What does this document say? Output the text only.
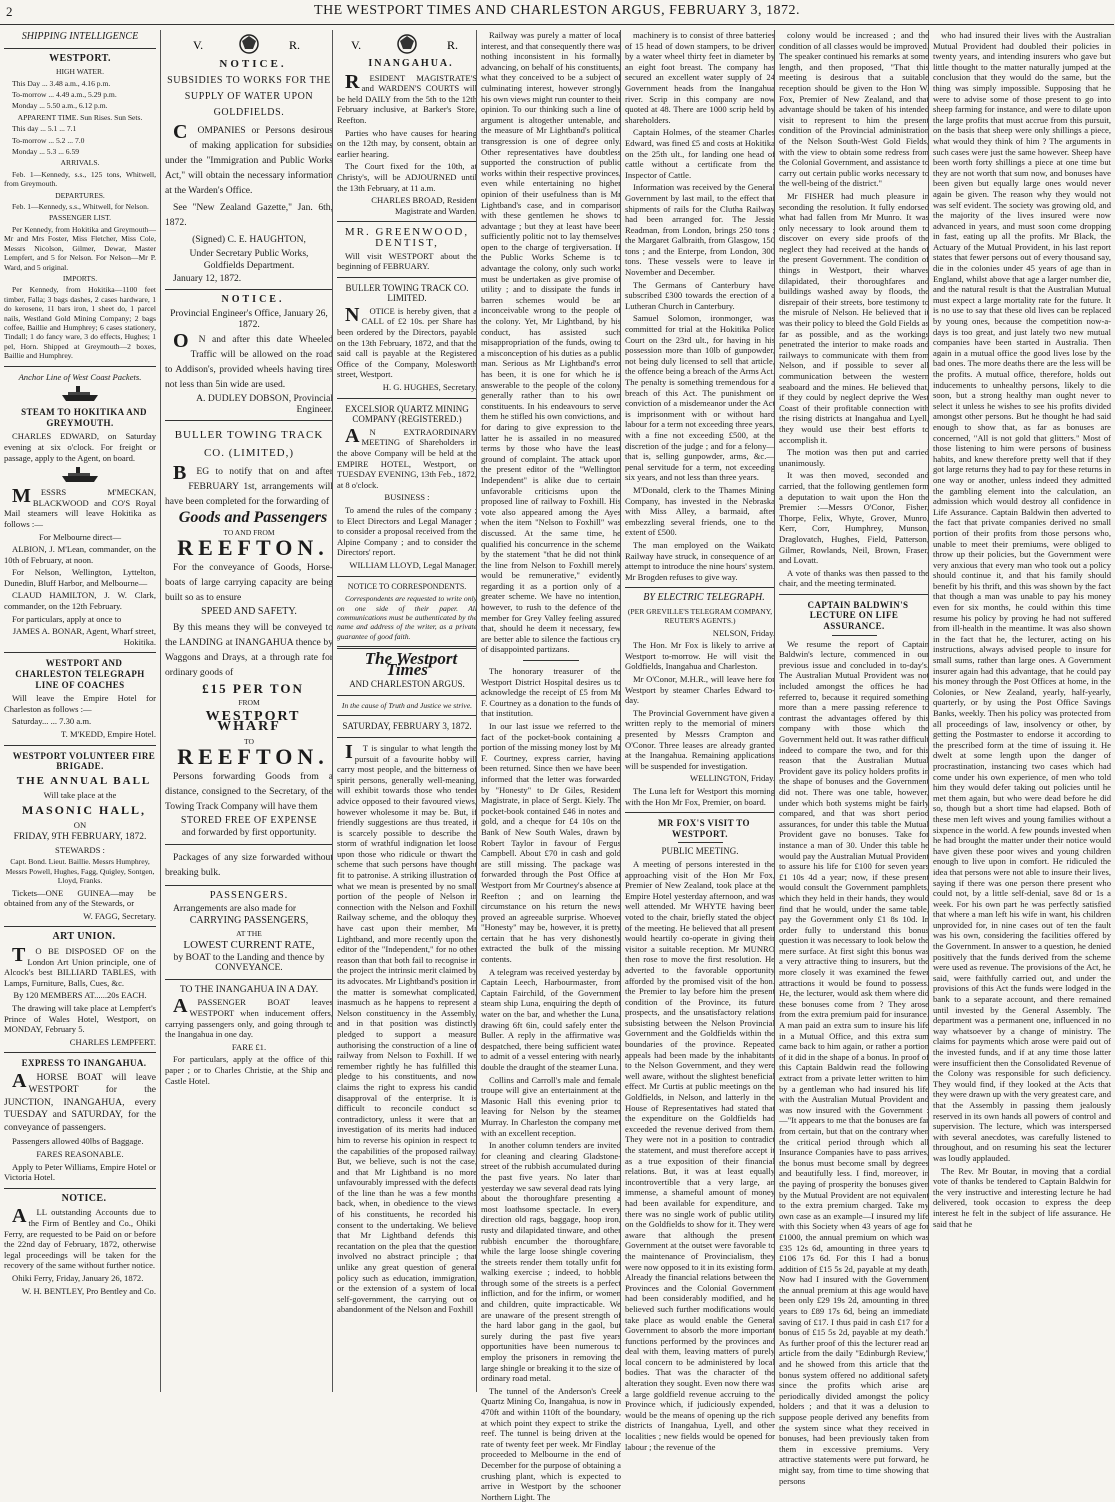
2	THE WESTPORT TIMES AND CHARLESTON ARGUS, FEBRUARY 3, 1872.
SHIPPING INTELLIGENCE
WESTPORT.

HIGH WATER.

This Day ... 3.48 a.m., 4.16 p.m.

To-morrow ... 4.49 a.m., 5.29 p.m.

Monday ... 5.50 a.m., 6.12 p.m.

APPARENT TIME. Sun Rises. Sun Sets.

This day ... 5.1 ... 7.1

To-morrow ... 5.2 ... 7.0

Monday ... 5.3 ... 6.59

ARRIVALS.

Feb. 1—Kennedy, s.s., 125 tons, Whitwell, from Greymouth.

DEPARTURES.

Feb. 1—Kennedy, s.s., Whitwell, for Nelson.

PASSENGER LIST.

Per Kennedy, from Hokitika and Greymouth—Mr and Mrs Foster, Miss Fletcher, Miss Cole, Messrs Nicolson, Gilmer, Dewar, Master Lempfert, and 5 for Nelson. For Nelson—Mr P. Ward, and 5 original.

IMPORTS.

Per Kennedy, from Hokitika—1100 feet timber, Falla; 3 bags dashes, 2 cases hardware, 1 do kerosene, 11 bars iron, 1 sheet do, 1 parcel nails, Westland Gold Mining Company; 2 bags coffee, Baillie and Humphrey; 6 cases stationery, Tindall; 1 do fancy ware, 3 do effects, Hughes; 1 pel, Horn. Shipped at Greymouth—2 boxes, Baillie and Humphrey.

Anchor Line of West Coast Packets.

STEAM TO HOKITIKA AND GREYMOUTH.

CHARLES EDWARD, on Saturday evening at six o'clock. For freight or passage, apply to the Agent, on board.

MESSRS M'MECKAN, BLACKWOOD and CO'S Royal Mail steamers will leave Hokitika as follows :—

For Melbourne direct—

ALBION, J. M'Lean, commander, on the 10th of February, at noon.

For Nelson, Wellington, Lyttelton, Dunedin, Bluff Harbor, and Melbourne—

CLAUD HAMILTON, J. W. Clark, commander, on the 12th February.

For particulars, apply at once to

JAMES A. BONAR, Agent, Wharf street, Hokitika.

WESTPORT AND CHARLESTON TELEGRAPH LINE OF COACHES

Will leave the Empire Hotel for Charleston as follows :—

Saturday... ... 7.30 a.m.

T. M'KEDD, Empire Hotel.

WESTPORT VOLUNTEER FIRE BRIGADE.

THE ANNUAL BALL

Will take place at the

MASONIC HALL,

ON

FRIDAY, 9TH FEBRUARY, 1872.

STEWARDS :

Capt. Bond. Lieut. Baillie. Messrs Humphrey, Messrs Powell, Hughes, Fagg, Quigley, Sontgen, Lloyd, Franks.

Tickets—ONE GUINEA—may be obtained from any of the Stewards, or

W. FAGG, Secretary.

ART UNION.

TO BE DISPOSED OF on the London Art Union principle, one of Alcock's best BILLIARD TABLES, with Lamps, Furniture, Balls, Cues, &c.

By 120 MEMBERS AT......20s EACH.

The drawing will take place at Lempfert's Prince of Wales Hotel, Westport, on MONDAY, February 5.

CHARLES LEMPFERT.

EXPRESS TO INANGAHUA.

AHORSE BOAT will leave WESTPORT for the JUNCTION, INANGAHUA, every TUESDAY and SATURDAY, for the conveyance of passengers.

Passengers allowed 40lbs of Baggage.

FARES REASONABLE.

Apply to Peter Williams, Empire Hotel or Victoria Hotel.

NOTICE.

ALL outstanding Accounts due to the Firm of Bentley and Co., Ohiki Ferry, are requested to be Paid on or before the 22nd day of February, 1872, otherwise legal proceedings will be taken for the recovery of the same without further notice.

Ohiki Ferry, Friday, January 26, 1872.

W. H. BENTLEY, Pro Bentley and Co.

V.	R.

NOTICE.

SUBSIDIES TO WORKS FOR THE SUPPLY OF WATER UPON GOLDFIELDS.

COMPANIES or Persons desirous of making application for subsidies under the "Immigration and Public Works Act," will obtain the necessary information at the Warden's Office.

See "New Zealand Gazette," Jan. 6th, 1872.

(Signed) C. E. HAUGHTON,

Under Secretary Public Works,

Goldfields Department.

January 12, 1872.

NOTICE.

Provincial Engineer's Office, January 26, 1872.

ON and after this date Wheeled Traffic will be allowed on the road to Addison's, provided wheels having tires not less than 5in wide are used.

A. DUDLEY DOBSON, Provincial Engineer.

BULLER TOWING TRACK CO. (LIMITED,)

BEG to notify that on and after FEBRUARY 1st, arrangements will have been completed for the forwarding of

Goods and Passengers

TO AND FROM

REEFTON.

For the conveyance of Goods, Horse-boats of large carrying capacity are being built so as to ensure

SPEED AND SAFETY.

By this means they will be conveyed to the LANDING at INANGAHUA thence by Waggons and Drays, at a through rate for ordinary goods of

£15 PER TON

FROM

WESTPORT WHARF

TO

REEFTON.

Persons forwarding Goods from a distance, consigned to the Secretary, of the Towing Track Company will have them

STORED FREE OF EXPENSE

and forwarded by first opportunity.

Packages of any size forwarded without breaking bulk.

PASSENGERS.

Arrangements are also made for

CARRYING PASSENGERS,

AT THE

LOWEST CURRENT RATE,

by BOAT to the Landing and thence by CONVEYANCE.

TO THE INANGAHUA IN A DAY.

APASSENGER BOAT leaves WESTPORT when inducement offers, carrying passengers only, and going through to the Inangahua in one day.

FARE £1.

For particulars, apply at the office of this paper ; or to Charles Christie, at the Ship and Castle Hotel.

V.	R.

INANGAHUA.

RESIDENT MAGISTRATE'S and WARDEN'S COURTS will be held DAILY from the 5th to the 12th February inclusive, at Barker's Store, Reefton.

Parties who have causes for hearing on the 12th may, by consent, obtain an earlier hearing.

The Court fixed for the 10th, at Christy's, will be ADJOURNED until the 13th February, at 11 a.m.

CHARLES BROAD, Resident Magistrate and Warden.

MR. GREENWOOD, DENTIST,

Will visit WESTPORT about the beginning of FEBRUARY.

BULLER TOWING TRACK CO. LIMITED.

NOTICE is hereby given, that a CALL of £2 10s. per Share has been ordered by the Directors, payable on the 13th February, 1872, and that the said call is payable at the Registered Office of the Company, Molesworth street, Westport.

H. G. HUGHES, Secretary.

EXCELSIOR QUARTZ MINING COMPANY (REGISTERED.)

AN EXTRAORDINARY MEETING of Shareholders in the above Company will be held at the EMPIRE HOTEL, Westport, on TUESDAY EVENING, 13th Feb., 1872, at 8 o'clock.

BUSINESS :

To amend the rules of the company ; to Elect Directors and Legal Manager ; to consider a proposal received from the Alpine Company ; and to consider the Directors' report.

WILLIAM LLOYD, Legal Manager.

NOTICE TO CORRESPONDENTS.

Correspondents are requested to write only on one side of their paper. All communications must be authenticated by the name and address of the writer, as a private guarantee of good faith.

The Westport Times

AND CHARLESTON ARGUS.

In the cause of Truth and Justice we strive.

SATURDAY, FEBRUARY 3, 1872.

IT is singular to what length the pursuit of a favourite hobby will carry most people, and the bitterness of spirit persons, generally well-meaning, will exhibit towards those who tender advice opposed to their favoured views, however wholesome it may be. But, if friendly suggestions are thus treated, it is scarcely possible to describe the storm of wrathful indignation let loose upon those who ridicule or thwart the scheme that such persons have thought fit to patronise. A striking illustration of what we mean is presented by no small portion of the people of Nelson in connection with the Nelson and Foxhill Railway scheme, and the obloquy they have cast upon their member, Mr Lightband, and more recently upon the editor of the "Independent," for no other reason than that both fail to recognise in the project the intrinsic merit claimed by its advocates. Mr Lightband's position in the matter is somewhat complicated, inasmuch as he happens to represent a Nelson constituency in the Assembly, and in that position was distinctly pledged to support a measure authorising the construction of a line of railway from Nelson to Foxhill. If we remember rightly he has fulfilled this pledge to his constituents, and now claims the right to express his candid disapproval of the enterprise. It is difficult to reconcile conduct so contradictory, unless it were that an investigation of its merits had induced him to reverse his opinion in respect to the capabilities of the proposed railway. But, we believe, such is not the case, and that Mr Lightband is no more unfavourably impressed with the defects of the line than he was a few months back, when, in obedience to the views of his constituents, he recorded his consent to the undertaking. We believe that Mr Lightband defends this recantation on the plea that the question involved no abstract principle ; that unlike any great question of general policy such as education, immigration, or the extension of a system of local self-government, the carrying out or abandonment of the Nelson and Foxhill

Railway was purely a matter of local interest, and that consequently there was nothing inconsistent in his formally advancing, on behalf of his constituents, what they conceived to be a subject of culminating interest, however strongly his own views might run counter to their opinion. To our thinking such a line of argument is altogether untenable, and the measure of Mr Lightband's political transgression is one of degree only. Other representatives have doubtless supported the construction of public works within their respective provinces, even while entertaining no higher opinion of their usefulness than is Mr Lightband's case, and in comparison with these gentlemen he shows to advantage ; but they at least have been sufficiently politic not to lay themselves open to the charge of tergiversation. If the Public Works Scheme is to advantage the colony, only such works must be undertaken as give promise of utility ; and to dissipate the funds in barren schemes would be an inconceivable wrong to the people of the colony. Yet, Mr Lightband, by his conduct, has assisted such misappropriation of the funds, owing to a misconception of his duties as a public man. Serious as Mr Lightband's error has been, it is one for which he is answerable to the people of the colony generally rather than to his own constituents. In his endeavours to serve them he stifled his own convictions, and for daring to give expression to the latter he is assailed in no measured terms by those who have the least ground of complaint. The attack upon the present editor of the "Wellington Independent" is alike due to certain unfavorable criticisms upon the proposed line of railway to Foxhill. His vote also appeared among the Ayes when the item "Nelson to Foxhill" was discussed. At the same time, he qualified his concurrence in the scheme by the statement "that he did not think the line from Nelson to Foxhill merely would be remunerative," evidently regarding it as a portion only of a greater scheme. We have no intention, however, to rush to the defence of the member for Grey Valley feeling assured that, should he deem it necessary, few are better able to silence the factious cry of disappointed partizans.

The honorary treasurer of the Westport District Hospital desires us to acknowledge the receipt of £5 from Mr F. Courtney as a donation to the funds of that institution.

In our last issue we referred to the fact of the pocket-book containing a portion of the missing money lost by Mr F. Courtney, express carrier, having been returned. Since then we have been informed that the letter was forwarded by "Honesty" to Dr Giles, Resident Magistrate, in place of Sergt. Kiely. The pocket-book contained £46 in notes and gold, and a cheque for £4 10s on the Bank of New South Wales, drawn by Robert Taylor in favour of Fergus Campbell. About £70 in cash and gold are still missing. The package was forwarded through the Post Office at Westport from Mr Courtney's absence at Reefton ; and on learning the circumstance on his return the news proved an agreeable surprise. Whoever "Honesty" may be, however, it is pretty certain that he has very dishonestly extracted the bulk of the missing contents.

A telegram was received yesterday by Captain Leech, Harbourmaster, from Captain Fairchild, of the Government steam ship Luna, enquiring the depth of water on the bar, and whether the Luna, drawing 6ft 6in, could safely enter the Buller. A reply in the affirmative was despatched, there being sufficient water to admit of a vessel entering with nearly double the draught of the steamer Luna.

Collins and Carroll's male and female troupe will give an entertainment at the Masonic Hall this evening prior to leaving for Nelson by the steamer Murray. In Charleston the company met with an excellent reception.

In another column tenders are invited for cleaning and clearing Gladstone-street of the rubbish accumulated during the past five years. No later than yesterday we saw several dead rats lying about the thoroughfare presenting a most loathsome spectacle. In every direction old rags, baggage, hoop iron, rusty and dilapidated tinware, and other rubbish encumber the thoroughfare, while the large loose shingle covering the streets render them totally unfit for walking exercise ; indeed, to hobble through some of the streets is a perfect infliction, and for the infirm, or women and children, quite impracticable. We are unaware of the present strength of the hard labor gang in the gaol, but surely during the past five years opportunities have been numerous to employ the prisoners in removing the large shingle or breaking it to the size of ordinary road metal.

The tunnel of the Anderson's Creek Quartz Mining Co, Inangahua, is now in 470ft and within 110ft of the boundary, at which point they expect to strike the reef. The tunnel is being driven at the rate of twenty feet per week. Mr Findlay proceeded to Melbourne in the end of December for the purpose of obtaining a crushing plant, which is expected to arrive in Westport by the schooner Northern Light. The

machinery is to consist of three batteries of 15 head of down stampers, to be driven by a water wheel thirty feet in diameter by an eight foot breast. The company has secured an excellent water supply of 24 Government heads from the Inangahua river. Scrip in this company are now quoted at 48. There are 1000 scrip held by shareholders.

Captain Holmes, of the steamer Charles Edward, was fined £5 and costs at Hokitika on the 25th ult., for landing one head of cattle without a certificate from the Inspector of Cattle.

Information was received by the General Government by last mail, to the effect that shipments of rails for the Clutha Railway had been arranged for. The Jessie Readman, from London, brings 250 tons ; the Margaret Galbraith, from Glasgow, 150 tons ; and the Enterpe, from London, 300 tons. These vessels were to leave in November and December.

The Germans of Canterbury have subscribed £300 towards the erection of a Lutheran Church in Canterbury.

Samuel Solomon, ironmonger, was committed for trial at the Hokitika Police Court on the 23rd ult., for having in his possession more than 10lb of gunpowder, not being duly licensed to sell that article, the offence being a breach of the Arms Act. The penalty is something tremendous for a breach of this Act. The punishment on conviction of a misdemeanor under the Act is imprisonment with or without hard labour for a term not exceeding three years, with a fine not exceeding £500, at the discretion of the judge ; and for a felony—that is, selling gunpowder, arms, &c.—penal servitude for a term, not exceeding six years, and not less than three years.

M'Donald, clerk to the Thames Mining Company, has invested in the Nebraska with Miss Alley, a barmaid, after embezzling several friends, one to the extent of £500.

The man employed on the Waikato Railway have struck, in consequence of an attempt to introduce the nine hours' system. Mr Brogden refuses to give way.

BY ELECTRIC TELEGRAPH.

(PER GREVILLE'S TELEGRAM COMPANY, REUTER'S AGENTS.)

NELSON, Friday.

The Hon. Mr Fox is likely to arrive at Westport to-morrow. He will visit the Goldfields, Inangahua and Charleston.

Mr O'Conor, M.H.R., will leave here for Westport by steamer Charles Edward to-day.

The Provincial Government have given a written reply to the memorial of miners presented by Messrs Crampton and O'Conor. Three leases are already granted at the Inangahua. Remaining applications will be suspended for investigation.

WELLINGTON, Friday.

The Luna left for Westport this morning with the Hon Mr Fox, Premier, on board.

MR FOX'S VISIT TO WESTPORT.

PUBLIC MEETING.

A meeting of persons interested in the approaching visit of the Hon Mr Fox, Premier of New Zealand, took place at the Empire Hotel yesterday afternoon, and was well attended. Mr WHYTE having been voted to the chair, briefly stated the object of the meeting. He believed that all present would heartily co-operate in giving their visitor a suitable reception. Mr MUNRO then rose to move the first resolution. He adverted to the favorable opportunity afforded by the promised visit of the hon. the Premier to lay before him the present condition of the Province, its future prospects, and the unsatisfactory relations subsisting between the Nelson Provincial Government and the Goldfields within the boundaries of the province. Repeated appeals had been made by the inhabitants to the Nelson Government, and they were well aware, without the slightest beneficial effect. Mr Curtis at public meetings on the Goldfields, in Nelson, and latterly in the House of Representatives had stated that the expenditure on the Goldfields had exceeded the revenue derived from them. They were not in a position to contradict the statement, and must therefore accept it as a true exposition of their financial relations. But, it was at least equally incontrovertible that a very large, an immense, a shameful amount of money had been available for expenditure, and there was no single work of public utility on the Goldfields to show for it. They were aware that although the present Government at the outset were favorable to the maintenance of Provincialism, they were now opposed to it in its existing form. Already the financial relations between the Provinces and the Colonial Government had been considerably modified, and he believed such further modifications would take place as would enable the General Government to absorb the more important functions performed by the provinces and deal with them, leaving matters of purely local concern to be administered by local bodies. That was the character of the alteration they sought. Even now there was a large goldfield revenue accruing to the Province which, if judiciously expended, would be the means of opening up the rich districts of Inangahua, Lyell, and other localities ; new fields would be opened for labour ; the revenue of the

colony would be increased ; and the condition of all classes would be improved. The speaker continued his remarks at some length, and then proposed, "That this meeting is desirous that a suitable reception should be given to the Hon W. Fox, Premier of New Zealand, and that advantage should be taken of his intended visit to represent to him the present condition of the Provincial administration of the Nelson South-West Gold Fields, with the view to obtain some redress from the Colonial Government, and assistance to carry out certain public works necessary to the well-being of the district."

Mr FISHER had much pleasure in seconding the resolution. It fully endorsed what had fallen from Mr Munro. It was only necessary to look around them to discover on every side proofs of the neglect they had received at the hands of the present Government. The condition of things in Westport, their wharves dilapidated, their thoroughfares and buildings washed away by floods, the disrepair of their streets, bore testimony to the misrule of Nelson. He believed that it was their policy to bleed the Gold Fields as far as possible, and as the workings penetrated the interior to make roads and railways to communicate with them from Nelson, and if possible to sever all communication between the western seaboard and the mines. He believed that, if they could by neglect deprive the West Coast of their profitable connection with the rising districts at Inangahua and Lyell, they would use their best efforts to accomplish it.

The motion was then put and carried unanimously.

It was then moved, seconded and carried, that the following gentlemen form a deputation to wait upon the Hon the Premier :—Messrs O'Conor, Fisher, Thorpe, Felix, Whyte, Grover, Munro, Kerr, Corr, Humphrey, Munson, Draglovatch, Hughes, Field, Patterson, Gilmer, Rowlands, Neil, Brown, Fraser, and Lovatt.

A vote of thanks was then passed to the chair, and the meeting terminated.

CAPTAIN BALDWIN'S LECTURE ON LIFE ASSURANCE.

We resume the report of Captain Baldwin's lecture, commenced in our previous issue and concluded in to-day's. The Australian Mutual Provident was not included amongst the offices he had referred to, because it required something more than a mere passing reference to contrast the advantages offered by this company with those which the Government held out. It was rather difficult indeed to compare the two, and for this reason that the Australian Mutual Provident gave its policy holders profits in the shape of bonuses and the Government did not. There was one table, however, under which both systems might be fairly compared, and that was short period assurances, for under this table the Mutual Provident gave no bonuses. Take for instance a man of 30. Under this table he would pay the Australian Mutual Provident to assure his life for £100 for seven years £1 10s 4d a year; now, if these present would consult the Government pamphlets, which they held in their hands, they would find that he would, under the same table, pay the Government only £1 8s 10d. In order fully to understand this bonus question it was necessary to look below the mere surface. At first sight this bonus was a very attractive thing to insurers, but the more closely it was examined the fewer attractions it would be found to possess. He, the lecturer, would ask them where did these bonuses come from ? They arose from the extra premium paid for insurance. A man paid an extra sum to insure his life in a Mutual Office, and this extra sum came back to him again, or rather a portion of it did in the shape of a bonus. In proof of this Captain Baldwin read the following extract from a private letter written to him by a gentleman who had insured his life with the Australian Mutual Provident and was now insured with the Government :—"It appears to me that the bonuses are far from certain, but that on the contrary when the critical period through which all Insurance Companies have to pass arrives, the bonus must become small by degrees and beautifully less. I find, moreover, in the paying of prosperity the bonuses given by the Mutual Provident are not equivalent to the extra premium charged. Take my own case as an example—I insured my life with this Society when 43 years of age for £1000, the annual premium on which was £35 12s 6d, amounting in three years to £106 17s 6d. For this I had a bonus addition of £15 5s 2d, payable at my death. Now had I insured with the Government the annual premium at this age would have been only £29 19s 2d, amounting in three years to £89 17s 6d, being an immediate saving of £17. I thus paid in cash £17 for a bonus of £15 5s 2d, payable at my death." As further proof of this the lecturer read an article from the daily "Edinburgh Review," and he showed from this article that the bonus system offered no additional safety since the profits which arise are periodically divided amongst the policy holders ; and that it was a delusion to suppose people derived any benefits from the system since what they received in bonuses, had been previously taken from them in excessive premiums. Very attractive statements were put forward, he might say, from time to time showing that persons

who had insured their lives with the Australian Mutual Provident had doubled their policies in twenty years, and intending insurers who gave but little thought to the matter naturally jumped at the conclusion that they would do the same, but the thing was simply impossible. Supposing that he were to advise some of those present to go into sheep farming for instance, and were to dilate upon the large profits that must accrue from this pursuit, on the basis that sheep were only shillings a piece, what would they think of him ? The arguments in such cases were just the same however. Sheep have been worth forty shillings a piece at one time but they are not worth that sum now, and bonuses have been given but equally large ones would never again be given. The reason why they would not was self evident. The society was growing old, and the majority of the lives insured were now advanced in years, and must soon come dropping in fast, eating up all the profits. Mr Black, the Actuary of the Mutual Provident, in his last report states that fewer persons out of every thousand say, die in the colonies under 45 years of age than in England, whilst above that age a larger number die, and the natural result is that the Australian Mutual must expect a large mortality rate for the future. It is no use to say that these old lives can be replaced by young ones, because the competition now-a-days is too great, and just lately two new mutual companies have been started in Australia. Then again in a mutual office the good lives lose by the bad ones. The more deaths there are the less will be the profits. A mutual office, therefore, holds out inducements to unhealthy persons, likely to die soon, but a strong healthy man ought never to select it unless he wishes to see his profits divided amongst other persons. But he thought he had said enough to show that, as far as bonuses are concerned, "All is not gold that glitters." Most of those listening to him were persons of business habits, and knew therefore pretty well that if they got large returns they had to pay for these returns in one way or another, unless indeed they admitted the gambling element into the calculation, an admission which would destroy all confidence in Life Assurance. Captain Baldwin then adverted to the fact that private companies derived no small portion of their profits from those persons who, unable to meet their premiums, were obliged to throw up their policies, but the Government were very anxious that every man who took out a policy should continue it, and that his family should benefit by his thrift, and this was shown by the fact that though a man was unable to pay his money even for six months, he could within this time resume his policy by proving he had not suffered from ill-health in the meantime. It was also shown in the fact that he, the lecturer, acting on his instructions, always advised people to insure for small sums, rather than large ones. A Government insurer again had this advantage, that he could pay his money through the Post Offices at home, in the Colonies, or New Zealand, yearly, half-yearly, quarterly, or by using the Post Office Savings Banks, weekly. Then his policy was protected from all proceedings of law, insolvency or other, by getting the Postmaster to endorse it according to the prescribed form at the time of issuing it. He dwelt at some length upon the danger of procrastination, instancing two cases which had come under his own experience, of men who told him they would defer taking out policies until he met them again, but who were dead before he did so, though but a short time had elapsed. Both of these men left wives and young families without a sixpence in the world. A few pounds invested when he had brought the matter under their notice would have given these poor wives and young children enough to live upon in comfort. He ridiculed the idea that persons were not able to insure their lives, saying if there was one person there present who could not, by a little self-denial, save 8d or 1s a week. For his own part he was perfectly satisfied that where a man left his wife in want, his children unprovided for, in nine cases out of ten the fault was his own, considering the facilities offered by the Government. In answer to a question, he denied positively that the funds derived from the scheme were used as revenue. The provisions of the Act, he said, were faithfully carried out, and under the provisions of this Act the funds were lodged in the bank to a separate account, and there remained until invested by the General Assembly. The department was a permanent one, influenced in no way whatsoever by a change of ministry. The claims for payments which arose were paid out of the invested funds, and if at any time those latter were insufficient then the Consolidated Revenue of the Colony was responsible for such deficiency. They would find, if they looked at the Acts that they were drawn up with the very greatest care, and that the Assembly in passing them jealously reserved in its own hands all powers of control and supervision. The lecture, which was interspersed with several anecdotes, was carefully listened to throughout, and on resuming his seat the lecturer was loudly applauded.

The Rev. Mr Boutar, in moving that a cordial vote of thanks be tendered to Captain Baldwin for the very instructive and interesting lecture he had delivered, took occasion to express the deep interest he felt in the subject of life assurance. He said that he
